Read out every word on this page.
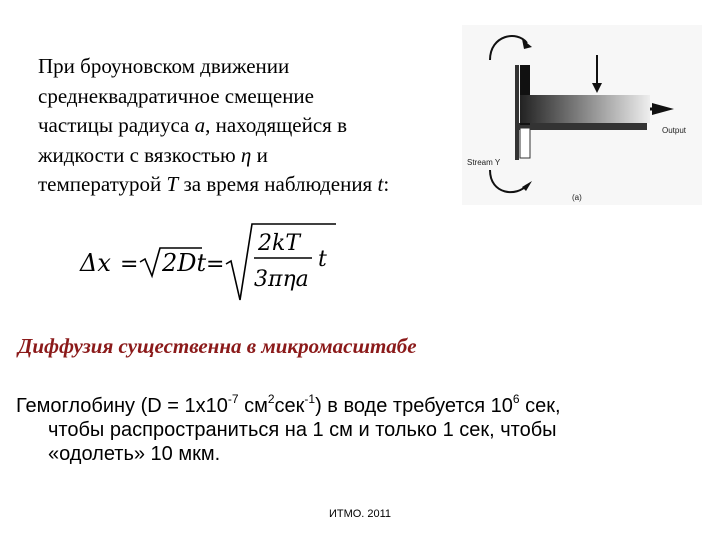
При броуновском движении
среднеквадратичное смещение
частицы радиуса a, находящейся в
жидкости с вязкостью η и
температурой T за время наблюдения t:
Stream Y
Output
(a)
Δx = 2Dt =
2kT
3πηa
t
Диффузия существенна в микромасштабе
Гемоглобину ($D = 1x10^{-7}$ $см^2сек^{-1}$) в воде требуется $10^6$ сек,
чтобы распространиться на 1 см и только 1 сек, чтобы
«одолеть» 10 мкм.
ИТМО. 2011
